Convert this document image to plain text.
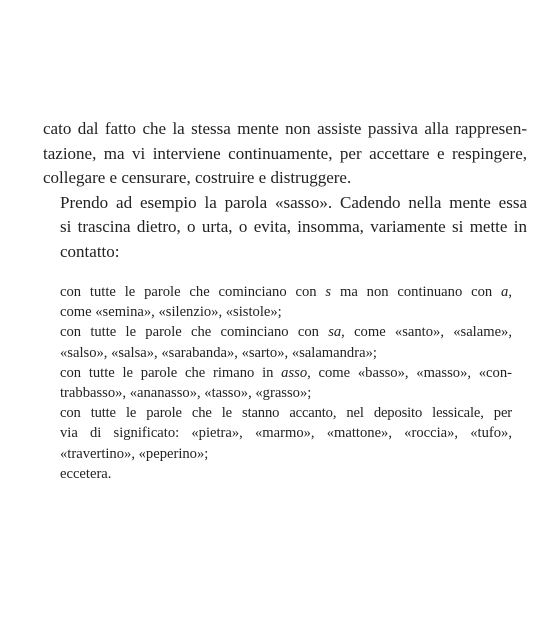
cato dal fatto che la stessa mente non assiste passiva alla rappresen-
tazione, ma vi interviene continuamente, per accettare e respingere,
collegare e censurare, costruire e distruggere.

Prendo ad esempio la parola «sasso». Cadendo nella mente essa
si trascina dietro, o urta, o evita, insomma, variamente si mette in
contatto:

con tutte le parole che cominciano con s ma non continuano con a,
come «semina», «silenzio», «sistole»;
con tutte le parole che cominciano con sa, come «santo», «salame»,
«salso», «salsa», «sarabanda», «sarto», «salamandra»;
con tutte le parole che rimano in asso, come «basso», «masso», «con-
trabbasso», «ananasso», «tasso», «grasso»;
con tutte le parole che le stanno accanto, nel deposito lessicale, per
via di significato: «pietra», «marmo», «mattone», «roccia», «tufo»,
«travertino», «peperino»;
eccetera.
